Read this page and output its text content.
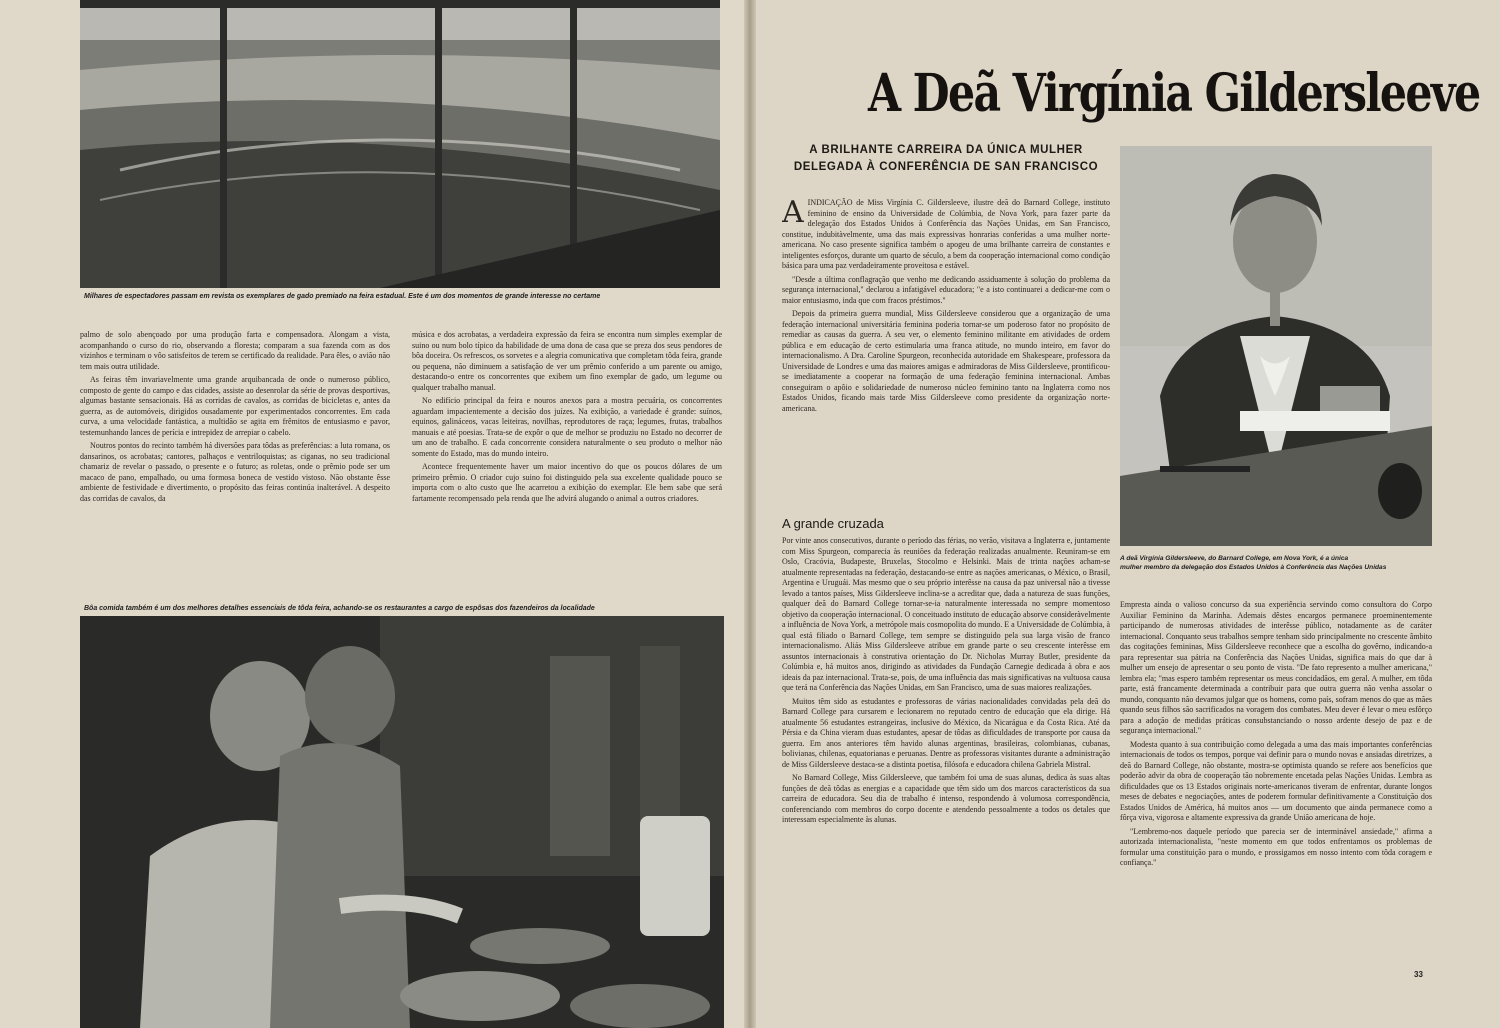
Milhares de espectadores passam em revista os exemplares de gado premiado na feira estadual. Este é um dos momentos de grande interesse no certame

palmo de solo abençoado por uma produção farta e compensadora. Alongam a vista, acompanhando o curso do rio, observando a floresta; comparam a sua fazenda com as dos vizinhos e terminam o vôo satisfeitos de terem se certificado da realidade. Para êles, o avião não tem mais outra utilidade.

As feiras têm invariavelmente uma grande arquibancada de onde o numeroso público, composto de gente do campo e das cidades, assiste ao desenrolar da série de provas desportivas, algumas bastante sensacionais. Há as corridas de cavalos, as corridas de bicicletas e, antes da guerra, as de automóveis, dirigidos ousadamente por experimentados concorrentes. Em cada curva, a uma velocidade fantástica, a multidão se agita em frêmitos de entusiasmo e pavor, testemunhando lances de perícia e intrepidez de arrepiar o cabelo.

Noutros pontos do recinto também há diversões para tôdas as preferências: a luta romana, os dansarinos, os acrobatas; cantores, palhaços e ventriloquistas; as ciganas, no seu tradicional chamariz de revelar o passado, o presente e o futuro; as roletas, onde o prêmio pode ser um macaco de pano, empalhado, ou uma formosa boneca de vestido vistoso. Não obstante êsse ambiente de festividade e divertimento, o propósito das feiras continúa inalterável. A despeito das corridas de cavalos, da

música e dos acrobatas, a verdadeira expressão da feira se encontra num simples exemplar de suino ou num bolo típico da habilidade de uma dona de casa que se preza dos seus pendores de bôa doceira. Os refrescos, os sorvetes e a alegria comunicativa que completam tôda feira, grande ou pequena, não diminuem a satisfação de ver um prêmio conferido a um parente ou amigo, destacando-o entre os concorrentes que exibem um fino exemplar de gado, um legume ou qualquer trabalho manual.

No edifício principal da feira e nouros anexos para a mostra pecuária, os concorrentes aguardam impacientemente a decisão dos juízes. Na exibição, a variedade é grande: suínos, equinos, galináceos, vacas leiteiras, novilhas, reprodutores de raça; legumes, frutas, trabalhos manuais e até poesias. Trata-se de expôr o que de melhor se produziu no Estado no decorrer de um ano de trabalho. E cada concorrente considera naturalmente o seu produto o melhor não somente do Estado, mas do mundo inteiro.

Acontece frequentemente haver um maior incentivo do que os poucos dólares de um primeiro prêmio. O criador cujo suino foi distinguido pela sua excelente qualidade pouco se importa com o alto custo que lhe acarretou a exibição do exemplar. Ele bem sabe que será fartamente recompensado pela renda que lhe advirá alugando o animal a outros criadores.

Bôa comida também é um dos melhores detalhes essenciais de tôda feira, achando-se os restaurantes a cargo de espôsas dos fazendeiros da localidade
A Deã Virgínia Gildersleeve
A BRILHANTE CARREIRA DA ÚNICA MULHER
DELEGADA À CONFERÊNCIA DE SAN FRANCISCO
A INDICAÇÃO de Miss Virgínia C. Gildersleeve, ilustre deã do Barnard College, instituto feminino de ensino da Universidade de Colúmbia, de Nova York, para fazer parte da delegação dos Estados Unidos à Conferência das Nações Unidas, em San Francisco, constitue, indubitàvelmente, uma das mais expressivas honrarias conferidas a uma mulher norte-americana. No caso presente significa também o apogeu de uma brilhante carreira de constantes e inteligentes esforços, durante um quarto de século, a bem da cooperação internacional como condição básica para uma paz verdadeiramente proveitosa e estável.

"Desde a última conflagração que venho me dedicando assiduamente à solução do problema da segurança internacional," declarou a infatigável educadora; "e a isto continuarei a dedicar-me com o maior entusiasmo, inda que com fracos préstimos."

Depois da primeira guerra mundial, Miss Gildersleeve considerou que a organização de uma federação internacional universitária feminina poderia tornar-se um poderoso fator no propósito de remediar as causas da guerra. A seu ver, o elemento feminino militante em atividades de ordem pública e em educação de certo estimularia uma franca atitude, no mundo inteiro, em favor do internacionalismo. A Dra. Caroline Spurgeon, reconhecida autoridade em Shakespeare, professora da Universidade de Londres e uma das maiores amigas e admiradoras de Miss Gildersleeve, prontificou-se imediatamente a cooperar na formação de uma federação feminina internacional. Ambas conseguiram o apôio e solidariedade de numeroso núcleo feminino tanto na Inglaterra como nos Estados Unidos, ficando mais tarde Miss Gildersleeve como presidente da organização norte-americana.

A grande cruzada

Por vinte anos consecutivos, durante o período das férias, no verão, visitava a Inglaterra e, juntamente com Miss Spurgeon, comparecia às reuniões da federação realizadas anualmente. Reuniram-se em Oslo, Cracóvia, Budapeste, Bruxelas, Stocolmo e Helsinki. Mais de trinta nações acham-se atualmente representadas na federação, destacando-se entre as nações americanas, o México, o Brasil, Argentina e Uruguái. Mas mesmo que o seu próprio interêsse na causa da paz universal não a tivesse levado a tantos países, Miss Gildersleeve inclina-se a acreditar que, dada a natureza de suas funções, qualquer deã do Barnard College tornar-se-ia naturalmente interessada no sempre momentoso objetivo da cooperação internacional. O conceituado instituto de educação absorve consideràvelmente a influência de Nova York, a metrópole mais cosmopolita do mundo. E a Universidade de Colúmbia, à qual está filiado o Barnard College, tem sempre se distinguido pela sua larga visão de franco internacionalismo. Aliás Miss Gildersleeve atribue em grande parte o seu crescente interêsse em assuntos internacionais à construtiva orientação do Dr. Nicholas Murray Butler, presidente da Colúmbia e, há muitos anos, dirigindo as atividades da Fundação Carnegie dedicada à obra e aos ideais da paz internacional. Trata-se, pois, de uma influência das mais significativas na vultuosa causa que terá na Conferência das Nações Unidas, em San Francisco, uma de suas maiores realizações.

Muitos têm sido as estudantes e professoras de várias nacionalidades convidadas pela deã do Barnard College para cursarem e lecionarem no reputado centro de educação que ela dirige. Há atualmente 56 estudantes estrangeiras, inclusive do México, da Nicarágua e da Costa Rica. Até da Pérsia e da China vieram duas estudantes, apesar de tôdas as dificuldades de transporte por causa da guerra. Em anos anteriores têm havido alunas argentinas, brasileiras, colombianas, cubanas, bolivianas, chilenas, equatorianas e peruanas. Dentre as professoras visitantes durante a administração de Miss Gildersleeve destaca-se a distinta poetisa, filósofa e educadora chilena Gabriela Mistral.

No Barnard College, Miss Gildersleeve, que também foi uma de suas alunas, dedica às suas altas funções de deã tôdas as energias e a capacidade que têm sido um dos marcos característicos da sua carreira de educadora. Seu dia de trabalho é intenso, respondendo à volumosa correspondência, conferenciando com membros do corpo docente e atendendo pessoalmente a todos os detales que interessam especialmente às alunas.

A deã Virgínia Gildersleeve, do Barnard College, em Nova York, é a única
mulher membro da delegação dos Estados Unidos à Conferência das Nações Unidas

Empresta ainda o valioso concurso da sua experiência servindo como consultora do Corpo Auxiliar Feminino da Marinha. Ademais dêstes encargos permanece proeminentemente participando de numerosas atividades de interêsse público, notadamente as de caráter internacional. Conquanto seus trabalhos sempre tenham sido principalmente no crescente âmbito das cogitações femininas, Miss Gildersleeve reconhece que a escolha do govêrno, indicando-a para representar sua pátria na Conferência das Nações Unidas, significa mais do que dar à mulher um ensejo de apresentar o seu ponto de vista. "De fato represento a mulher americana," lembra ela; "mas espero também representar os meus concidadãos, em geral. A mulher, em tôda parte, está francamente determinada a contribuir para que outra guerra não venha assolar o mundo, conquanto não devamos julgar que os homens, como país, sofram menos do que as mães quando seus filhos são sacrificados na voragem dos combates. Meu dever é levar o meu esfôrço para a adoção de medidas práticas consubstanciando o nosso ardente desejo de paz e de segurança internacional."

Modesta quanto à sua contribuição como delegada a uma das mais importantes conferências internacionais de todos os tempos, porque vai definir para o mundo novas e ansiadas diretrizes, a deã do Barnard College, não obstante, mostra-se optimista quando se refere aos benefícios que poderão advir da obra de cooperação tão nobremente encetada pelas Nações Unidas. Lembra as dificuldades que os 13 Estados originais norte-americanos tiveram de enfrentar, durante longos meses de debates e negociações, antes de poderem formular definitivamente a Constituição dos Estados Unidos de América, há muitos anos — um documento que ainda permanece como a fôrça viva, vigorosa e altamente expressiva da grande União americana de hoje.

"Lembremo-nos daquele período que parecia ser de interminável ansiedade," afirma a autorizada internacionalista, "neste momento em que todos enfrentamos os problemas de formular uma constituição para o mundo, e prossigamos em nosso intento com tôda coragem e confiança."

33
